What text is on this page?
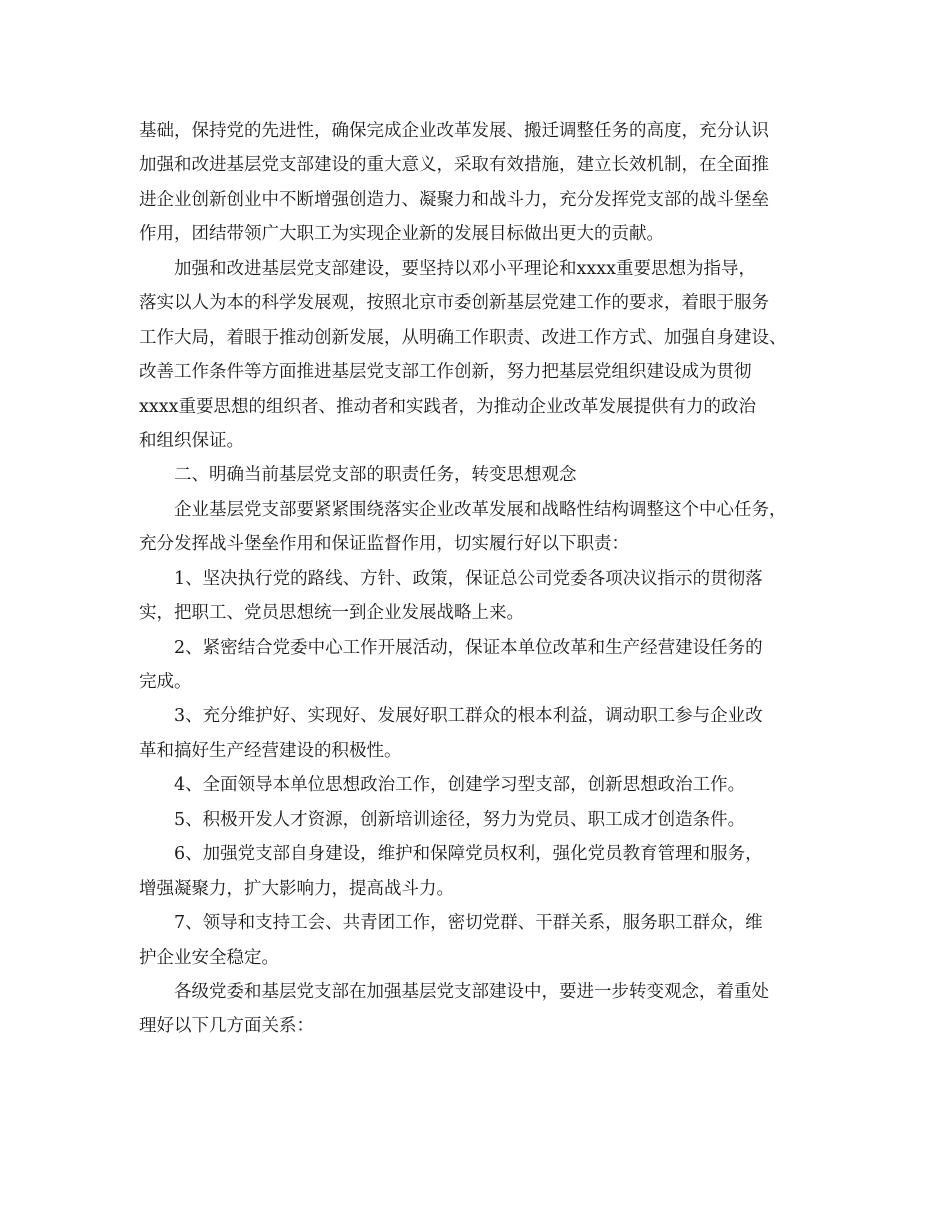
基础，保持党的先进性，确保完成企业改革发展、搬迁调整任务的高度，充分认识
加强和改进基层党支部建设的重大意义，采取有效措施，建立长效机制，在全面推
进企业创新创业中不断增强创造力、凝聚力和战斗力，充分发挥党支部的战斗堡垒
作用，团结带领广大职工为实现企业新的发展目标做出更大的贡献。
加强和改进基层党支部建设，要坚持以邓小平理论和xxxx重要思想为指导，
落实以人为本的科学发展观，按照北京市委创新基层党建工作的要求，着眼于服务
工作大局，着眼于推动创新发展，从明确工作职责、改进工作方式、加强自身建设、
改善工作条件等方面推进基层党支部工作创新，努力把基层党组织建设成为贯彻
xxxx重要思想的组织者、推动者和实践者，为推动企业改革发展提供有力的政治
和组织保证。
二、明确当前基层党支部的职责任务，转变思想观念
企业基层党支部要紧紧围绕落实企业改革发展和战略性结构调整这个中心任务，
充分发挥战斗堡垒作用和保证监督作用，切实履行好以下职责：
1、坚决执行党的路线、方针、政策，保证总公司党委各项决议指示的贯彻落
实，把职工、党员思想统一到企业发展战略上来。
2、紧密结合党委中心工作开展活动，保证本单位改革和生产经营建设任务的
完成。
3、充分维护好、实现好、发展好职工群众的根本利益，调动职工参与企业改
革和搞好生产经营建设的积极性。
4、全面领导本单位思想政治工作，创建学习型支部，创新思想政治工作。
5、积极开发人才资源，创新培训途径，努力为党员、职工成才创造条件。
6、加强党支部自身建设，维护和保障党员权利，强化党员教育管理和服务，
增强凝聚力，扩大影响力，提高战斗力。
7、领导和支持工会、共青团工作，密切党群、干群关系，服务职工群众，维
护企业安全稳定。
各级党委和基层党支部在加强基层党支部建设中，要进一步转变观念，着重处
理好以下几方面关系：
